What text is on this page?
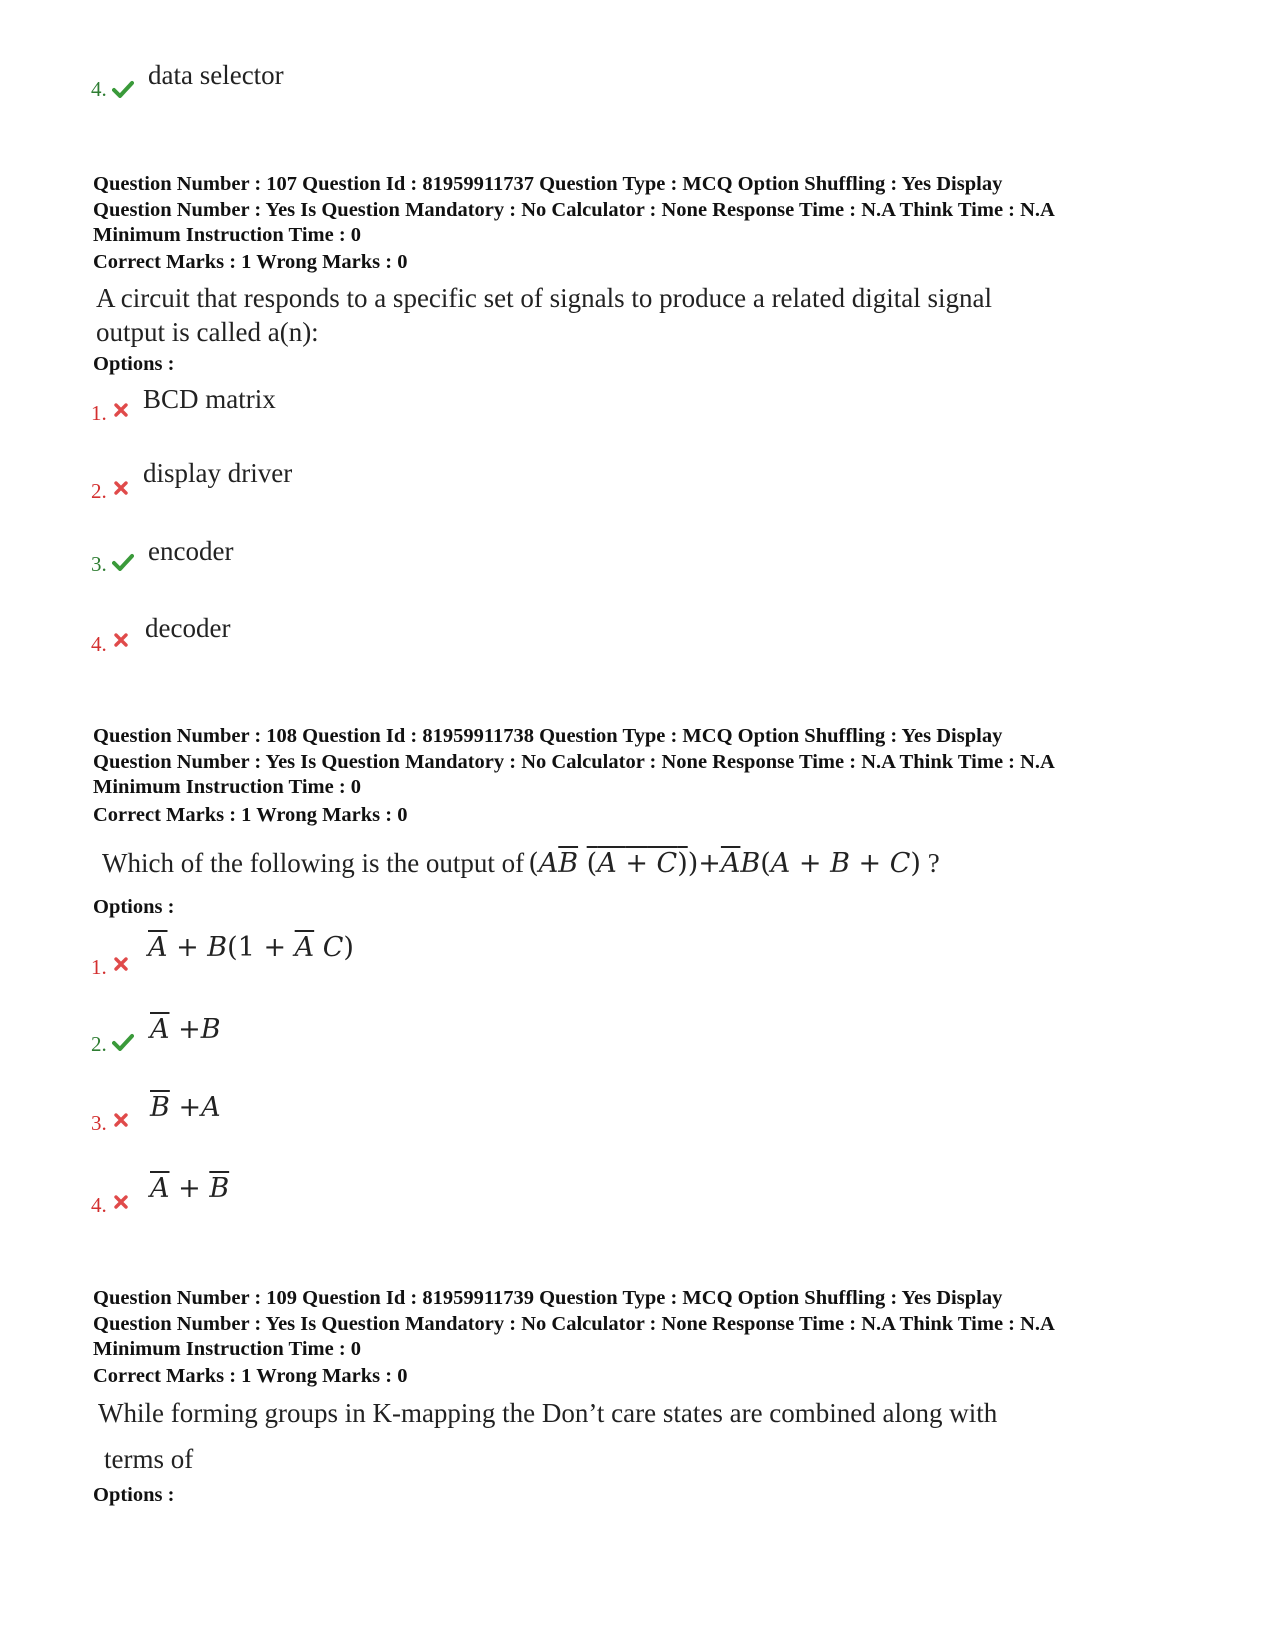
4. data selector
Question Number : 107 Question Id : 81959911737 Question Type : MCQ Option Shuffling : Yes Display
Question Number : Yes Is Question Mandatory : No Calculator : None Response Time : N.A Think Time : N.A
Minimum Instruction Time : 0
Correct Marks : 1 Wrong Marks : 0
A circuit that responds to a specific set of signals to produce a related digital signal
output is called a(n):
Options :
1. BCD matrix
2.
display driver
3. encoder
4.
decoder
Question Number : 108 Question Id : 81959911738 Question Type : MCQ Option Shuffling : Yes Display
Question Number : Yes Is Question Mandatory : No Calculator : None Response Time : N.A Think Time : N.A
Minimum Instruction Time : 0
Correct Marks : 1 Wrong Marks : 0
Which of the following is the output of ($A\overline{B}$ $(A + C))+\overline{A}B(A + B + C)$ ?
Options :
1.
$\overline{A} + B(1 + \overline{A}$ C)
2. $\overline{A} +B$
3. $\overline{B} +A$
4.
$\overline{A} + \overline{B}$
Question Number : 109 Question Id : 81959911739 Question Type : MCQ Option Shuffling : Yes Display
Question Number : Yes Is Question Mandatory : No Calculator : None Response Time : N.A Think Time : N.A
Minimum Instruction Time : 0
Correct Marks : 1 Wrong Marks : 0
While forming groups in K-mapping the Don’t care states are combined along with
terms of
Options :
